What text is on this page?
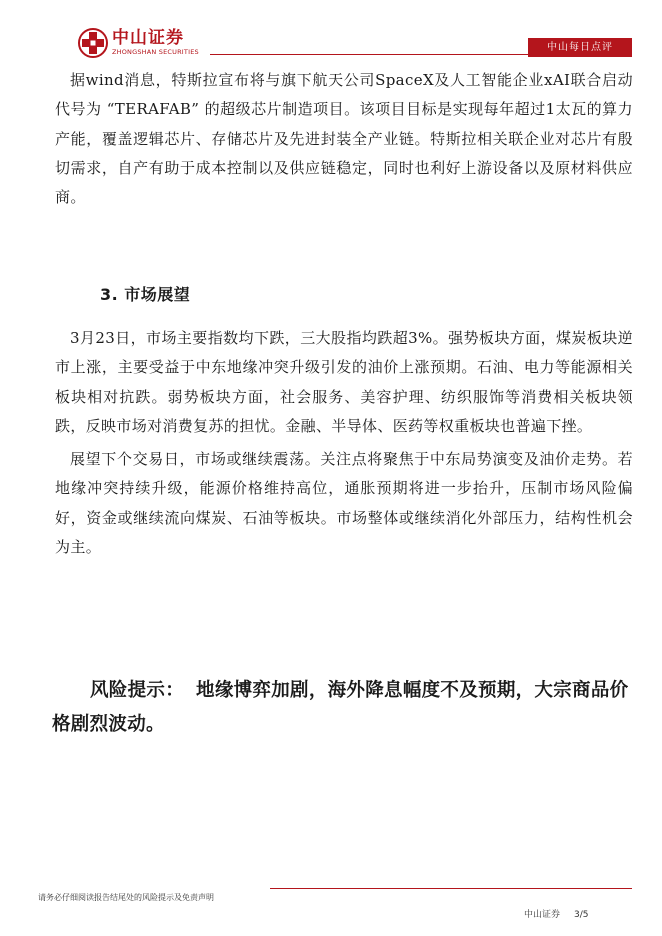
中山证券
ZHONGSHAN SECURITIES	中山每日点评

据wind消息，特斯拉宣布将与旗下航天公司SpaceX及人工智能企业xAI联合启动代号为 “TERAFAB” 的超级芯片制造项目。该项目目标是实现每年超过1太瓦的算力产能，覆盖逻辑芯片、存储芯片及先进封装全产业链。特斯拉相关联企业对芯片有殷切需求，自产有助于成本控制以及供应链稳定，同时也利好上游设备以及原材料供应商。

3. 市场展望

3月23日，市场主要指数均下跌，三大股指均跌超3%。强势板块方面，煤炭板块逆市上涨，主要受益于中东地缘冲突升级引发的油价上涨预期。石油、电力等能源相关板块相对抗跌。弱势板块方面，社会服务、美容护理、纺织服饰等消费相关板块领跌，反映市场对消费复苏的担忧。金融、半导体、医药等权重板块也普遍下挫。

展望下个交易日，市场或继续震荡。关注点将聚焦于中东局势演变及油价走势。若地缘冲突持续升级，能源价格维持高位，通胀预期将进一步抬升，压制市场风险偏好，资金或继续流向煤炭、石油等板块。市场整体或继续消化外部压力，结构性机会为主。

风险提示： 地缘博弈加剧，海外降息幅度不及预期，大宗商品价格剧烈波动。
请务必仔细阅读报告结尾处的风险提示及免责声明
中山证券 3/5
